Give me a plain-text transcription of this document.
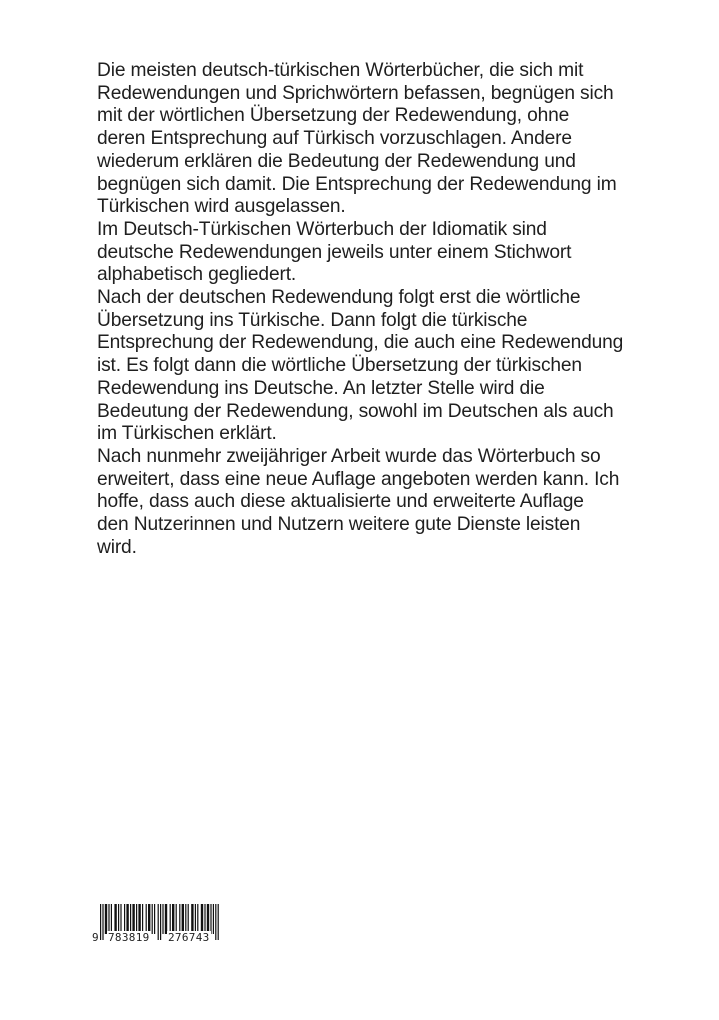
Die meisten deutsch-türkischen Wörterbücher, die sich mit
Redewendungen und Sprichwörtern befassen, begnügen sich
mit der wörtlichen Übersetzung der Redewendung, ohne
deren Entsprechung auf Türkisch vorzuschlagen. Andere
wiederum erklären die Bedeutung der Redewendung und
begnügen sich damit. Die Entsprechung der Redewendung im
Türkischen wird ausgelassen.
Im Deutsch-Türkischen Wörterbuch der Idiomatik sind
deutsche Redewendungen jeweils unter einem Stichwort
alphabetisch gegliedert.
Nach der deutschen Redewendung folgt erst die wörtliche
Übersetzung ins Türkische. Dann folgt die türkische
Entsprechung der Redewendung, die auch eine Redewendung
ist. Es folgt dann die wörtliche Übersetzung der türkischen
Redewendung ins Deutsche. An letzter Stelle wird die
Bedeutung der Redewendung, sowohl im Deutschen als auch
im Türkischen erklärt.
Nach nunmehr zweijähriger Arbeit wurde das Wörterbuch so
erweitert, dass eine neue Auflage angeboten werden kann. Ich
hoffe, dass auch diese aktualisierte und erweiterte Auflage
den Nutzerinnen und Nutzern weitere gute Dienste leisten
wird.
9 783819 276743
